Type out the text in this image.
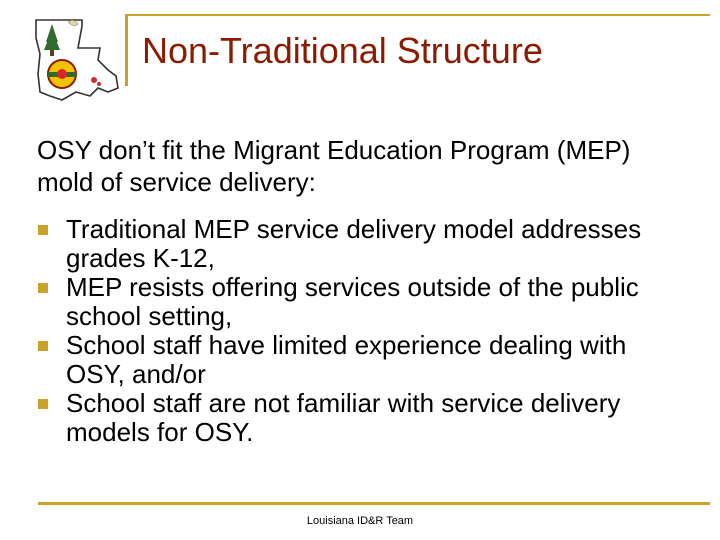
Non-Traditional Structure
OSY don’t fit the Migrant Education Program (MEP) mold of service delivery:
Traditional MEP service delivery model addresses grades K-12,
MEP resists offering services outside of the public school setting,
School staff have limited experience dealing with OSY, and/or
School staff are not familiar with service delivery models for OSY.
Louisiana ID&R Team
